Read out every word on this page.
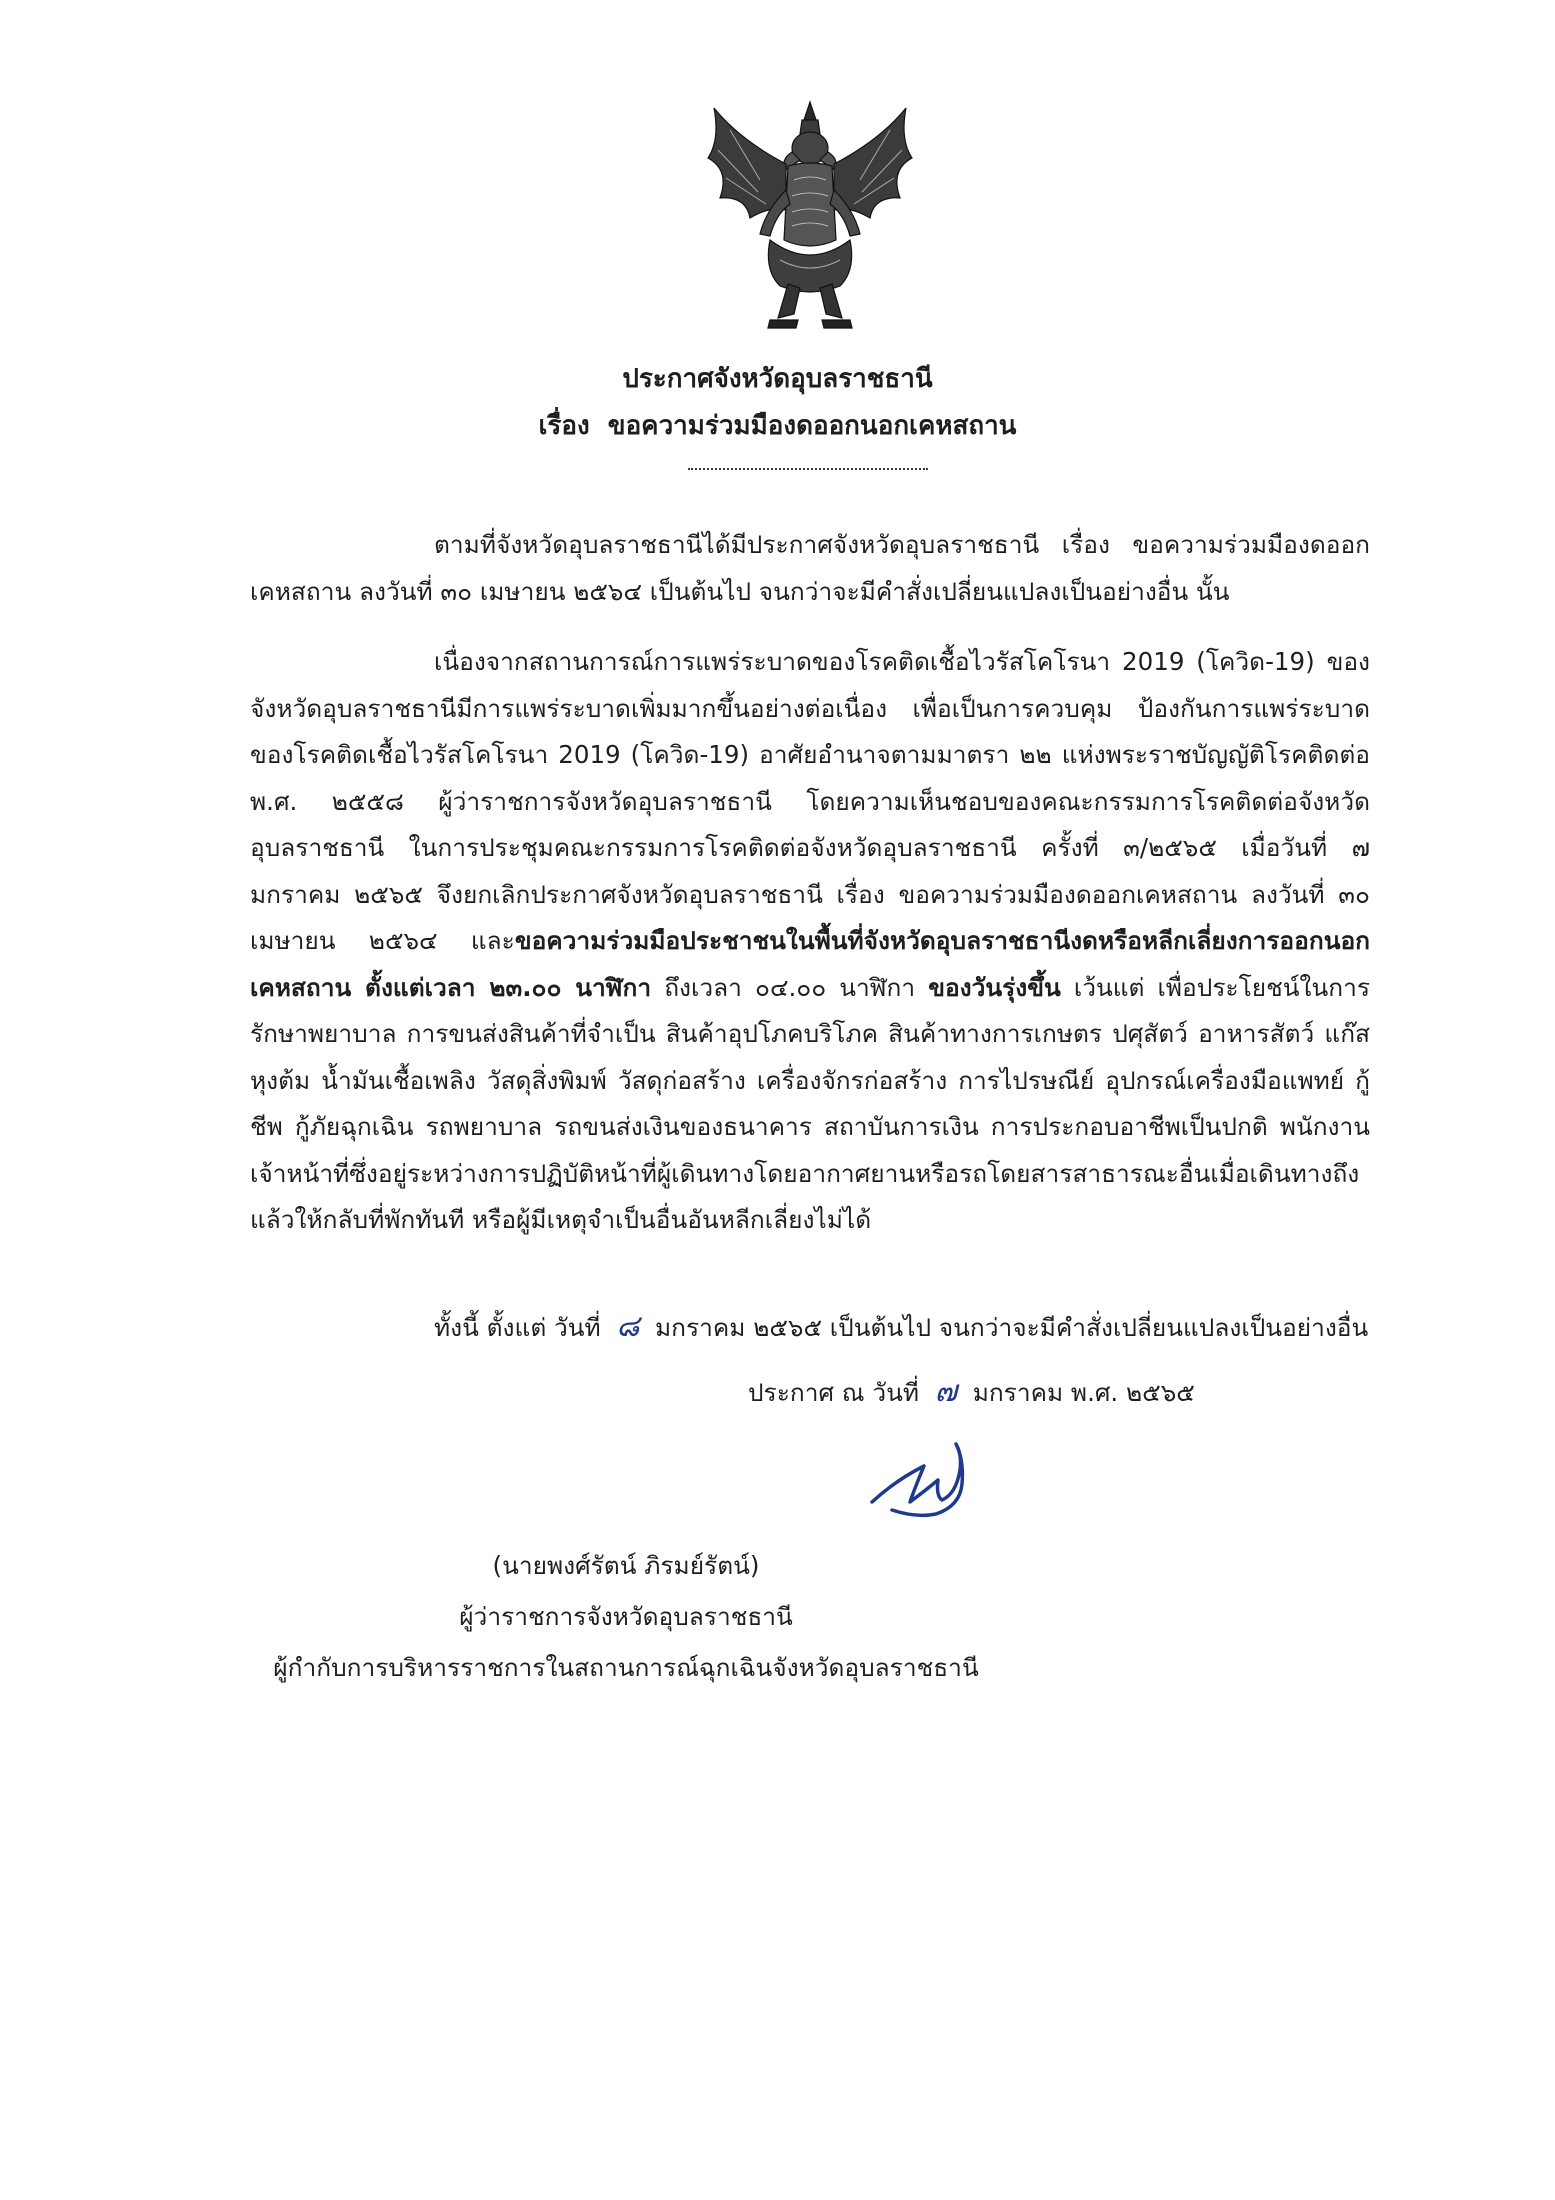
ประกาศจังหวัดอุบลราชธานี
เรื่อง ขอความร่วมมืองดออกนอกเคหสถาน

ตามที่จังหวัดอุบลราชธานีได้มีประกาศจังหวัดอุบลราชธานี เรื่อง ขอความร่วมมืองดออกเคหสถาน ลงวันที่ ๓๐ เมษายน ๒๕๖๔ เป็นต้นไป จนกว่าจะมีคำสั่งเปลี่ยนแปลงเป็นอย่างอื่น นั้น

เนื่องจากสถานการณ์การแพร่ระบาดของโรคติดเชื้อไวรัสโคโรนา 2019 (โควิด-19) ของจังหวัดอุบลราชธานีมีการแพร่ระบาดเพิ่มมากขึ้นอย่างต่อเนื่อง เพื่อเป็นการควบคุม ป้องกันการแพร่ระบาดของโรคติดเชื้อไวรัสโคโรนา 2019 (โควิด-19) อาศัยอำนาจตามมาตรา ๒๒ แห่งพระราชบัญญัติโรคติดต่อ พ.ศ. ๒๕๕๘ ผู้ว่าราชการจังหวัดอุบลราชธานี โดยความเห็นชอบของคณะกรรมการโรคติดต่อจังหวัดอุบลราชธานี ในการประชุมคณะกรรมการโรคติดต่อจังหวัดอุบลราชธานี ครั้งที่ ๓/๒๕๖๕ เมื่อวันที่ ๗ มกราคม ๒๕๖๕ จึงยกเลิกประกาศจังหวัดอุบลราชธานี เรื่อง ขอความร่วมมืองดออกเคหสถาน ลงวันที่ ๓๐ เมษายน ๒๕๖๔ และขอความร่วมมือประชาชนในพื้นที่จังหวัดอุบลราชธานีงดหรือหลีกเลี่ยงการออกนอกเคหสถาน ตั้งแต่เวลา ๒๓.๐๐ นาฬิกา ถึงเวลา ๐๔.๐๐ นาฬิกา ของวันรุ่งขึ้น เว้นแต่ เพื่อประโยชน์ในการรักษาพยาบาล การขนส่งสินค้าที่จำเป็น สินค้าอุปโภคบริโภค สินค้าทางการเกษตร ปศุสัตว์ อาหารสัตว์ แก๊สหุงต้ม น้ำมันเชื้อเพลิง วัสดุสิ่งพิมพ์ วัสดุก่อสร้าง เครื่องจักรก่อสร้าง การไปรษณีย์ อุปกรณ์เครื่องมือแพทย์ กู้ชีพ กู้ภัยฉุกเฉิน รถพยาบาล รถขนส่งเงินของธนาคาร สถาบันการเงิน การประกอบอาชีพเป็นปกติ พนักงานเจ้าหน้าที่ซึ่งอยู่ระหว่างการปฏิบัติหน้าที่ผู้เดินทางโดยอากาศยานหรือรถโดยสารสาธารณะอื่นเมื่อเดินทางถึงแล้วให้กลับที่พักทันที หรือผู้มีเหตุจำเป็นอื่นอันหลีกเลี่ยงไม่ได้

ทั้งนี้ ตั้งแต่ วันที่ ๘ มกราคม ๒๕๖๕ เป็นต้นไป จนกว่าจะมีคำสั่งเปลี่ยนแปลงเป็นอย่างอื่น
ประกาศ ณ วันที่ ๗ มกราคม พ.ศ. ๒๕๖๕
(นายพงศ์รัตน์ ภิรมย์รัตน์)
ผู้ว่าราชการจังหวัดอุบลราชธานี
ผู้กำกับการบริหารราชการในสถานการณ์ฉุกเฉินจังหวัดอุบลราชธานี
